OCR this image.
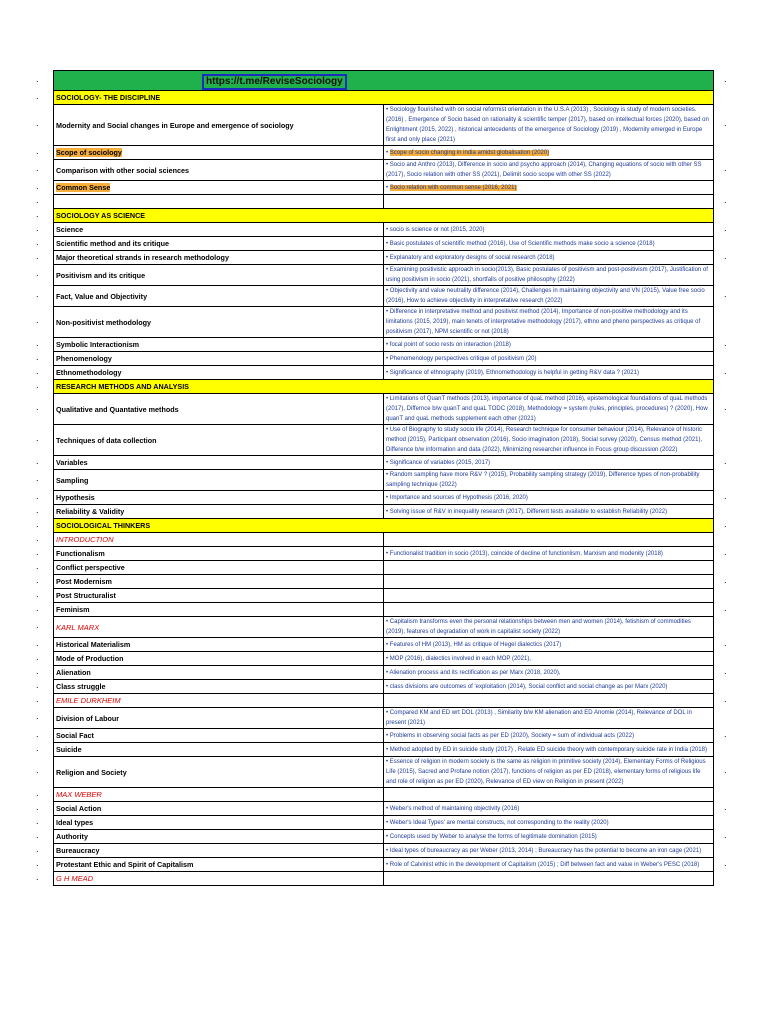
https://t.me/ReviseSociology	
SOCIOLOGY- THE DISCIPLINE	
Modernity and Social changes in Europe and emergence of sociology	• Sociology flourished with on social reformist orientation in the U.S.A (2013) , Sociology is study of modern societies. (2016) , Emergence of Socio based on rationality & scientific temper (2017), based on intellectual forces (2020), based on Enlightment (2015, 2022) , historical antecedents of the emergence of Sociology (2019) , Modernity emerged in Europe first and only place (2021)
Scope of sociology	• Scope of socio changing in india amidst globalisation (2020)
Comparison with other social sciences	• Socio and Anthro (2013), Difference in socio and psycho approach (2014), Changing equations of socio with other SS (2017), Socio relation with other SS (2021), Delimit socio scope with other SS (2022)
Common Sense	• Socio relation with common sense (2016, 2021)

SOCIOLOGY AS SCIENCE	
Science	• socio is science or not (2015, 2020)
Scientific method and its critique	• Basic postulates of scientific method (2016), Use of Scientific methods make socio a science (2018)
Major theoretical strands in research methodology	• Explanatory and exploratory designs of social research (2018)
Positivism and its critique	• Examining positivistic approach in socio(2013), Basic postulates of positivism and post-positivism (2017), Justification of using positivism in socio (2021), shortfalls of positive philosophy (2022)
Fact, Value and Objectivity	• Objectivity and value neutrality difference (2014), Challenges in maintaining objectivity and VN (2015), Value free socio (2016), How to achieve objectivity in interpretative research (2022)
Non-positivist methodology	• Difference in interpretative method and positivist method (2014), Importance of non-positive methodology and its limitations (2015, 2019), main tenets of interpretative methodology (2017), ethno and pheno perspectives as critique of positivism (2017), NPM scientific or not (2018)
Symbolic Interactionism	• focal point of socio rests on interaction (2018)
Phenomenology	• Phenomenology perspectives critique of positivism (20)
Ethnomethodology	• Significance of ethnography (2019), Ethnomethodology is helpful in getting R&V data ? (2021)
RESEARCH METHODS AND ANALYSIS	
Qualitative and Quantative methods	• Limitations of QuanT methods (2013), importance of quaL method (2016), epistemological foundations of quaL methods (2017), Differnce b/w quanT and quaL TODC (2018), Methodology = system (rules, principles, procedures) ? (2020), How quanT and quaL methods supplement each other (2021)
Techniques of data collection	• Use of Biography to study socio life (2014), Research technique for consumer behaviour (2014), Relevance of historic method (2015), Participant observation (2016), Socio imagination (2018), Social survey (2020), Census method (2021), Difference b/w information and data (2022), Minimizing researcher influence in Focus group discussion (2022)
Variables	• Significance of variables (2015, 2017)
Sampling	• Random sampling have more R&V ? (2015), Probability sampling strategy (2019), Difference types of non-probability sampling technique (2022)
Hypothesis	• Importance and sources of Hypothesis (2016, 2020)
Reliability & Validity	• Solving issue of R&V in inequality research (2017), Different tests available to establish Reliability (2022)
SOCIOLOGICAL THINKERS	
INTRODUCTION	
Functionalism	• Functionalist tradition in socio (2013), coincide of decline of functionlism, Marxism and modenity (2018)
Conflict perspective	
Post Modernism	
Post Structuralist	
Feminism	
KARL MARX	• Capitalism transforms even the personal relationships between men and women (2014), fetishism of commodities (2019), features of degradation of work in capitalist society (2022)
Historical Materialism	• Features of HM (2013), HM as critique of Hegel dialectics (2017)
Mode of Production	• MOP (2016), dialectics involved in each MOP (2021),
Alienation	• Alienation process and its rectification as per Marx (2018, 2020),
Class struggle	• class divisions are outcomes of 'exploitation (2014), Social conflict and social change as per Marx (2020)
EMILE DURKHEIM	
Division of Labour	• Compared KM and ED wrt DOL (2013) , Similarity b/w KM alienation and ED Anomie (2014), Relevance of DOL in present (2021)
Social Fact	• Problems in observing social facts as per ED (2020), Society = sum of individual acts (2022)
Suicide	• Method adopted by ED in suicide study (2017) , Relate ED suicide theory with contemporary suicide rate in India (2018)
Religion and Society	• Essence of religion in modern society is the same as religion in primitive society (2014), Elementary Forms of Religious Life (2015), Sacred and Profane notion (2017), functions of religion as per ED (2018), elementary forms of religious life and role of religion as per ED (2020), Relevance of ED view on Religion in present (2022)
MAX WEBER	
Social Action	• Weber's method of maintaining objectivity (2016)
Ideal types	• Weber's Ideal Types' are mental constructs, not corresponding to the reality (2020)
Authority	• Concepts used by Weber to analyse the forms of legitimate domination (2015)
Bureaucracy	• Ideal types of bureaucracy as per Weber (2013, 2014) ; Bureaucracy has the potential to become an iron cage (2021)
Protestant Ethic and Spirit of Capitalism	• Role of Calvinist ethic in the development of Capitalism (2015) ; Diff between fact and value in Weber's PESC (2018)
G H MEAD	
.
.
.
.
.
.
.
.
.
.
.
.
.
.
.
.
.
.
.
.
.
.
.
.
.
.
.
.
.
.
.
.
.
.
.
.
.
.
.
.
.
.
.
.
.
.
.
.
.
.
.
.
.
.
.
.
.
.
.
.
.
.
.
.
.
.
.
.
.
.
.
.
